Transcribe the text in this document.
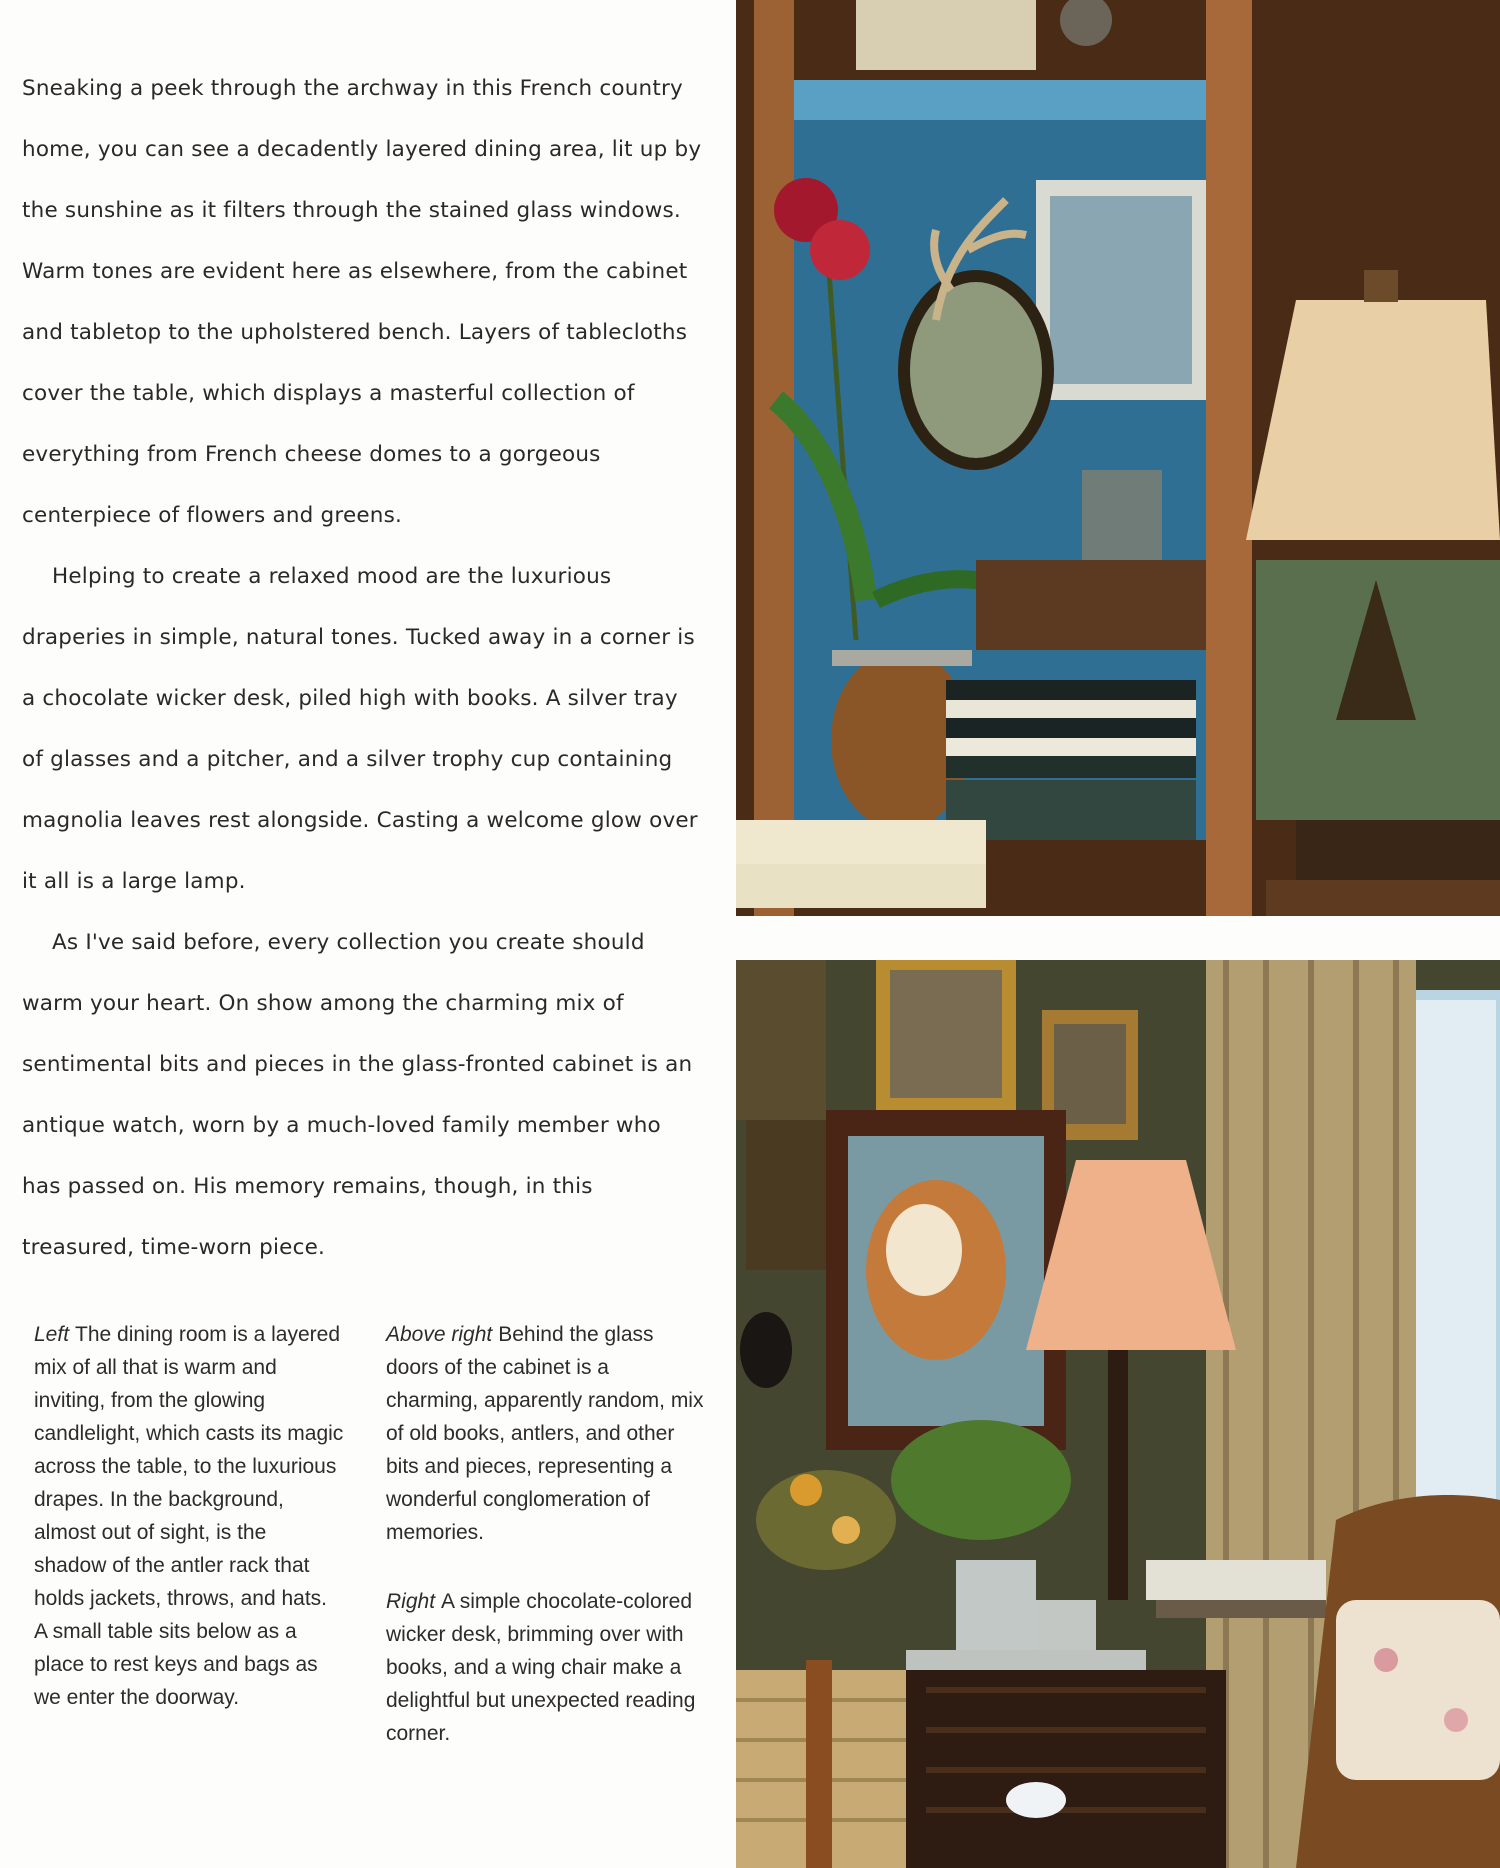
Sneaking a peek through the archway in this French country home, you can see a decadently layered dining area, lit up by the sunshine as it filters through the stained glass windows. Warm tones are evident here as elsewhere, from the cabinet and tabletop to the upholstered bench. Layers of tablecloths cover the table, which displays a masterful collection of everything from French cheese domes to a gorgeous centerpiece of flowers and greens.

Helping to create a relaxed mood are the luxurious draperies in simple, natural tones. Tucked away in a corner is a chocolate wicker desk, piled high with books. A silver tray of glasses and a pitcher, and a silver trophy cup containing magnolia leaves rest alongside. Casting a welcome glow over it all is a large lamp.

As I've said before, every collection you create should warm your heart. On show among the charming mix of sentimental bits and pieces in the glass-fronted cabinet is an antique watch, worn by a much-loved family member who has passed on. His memory remains, though, in this treasured, time-worn piece.

Left The dining room is a layered mix of all that is warm and inviting, from the glowing candlelight, which casts its magic across the table, to the luxurious drapes. In the background, almost out of sight, is the shadow of the antler rack that holds jackets, throws, and hats. A small table sits below as a place to rest keys and bags as we enter the doorway.
Above right Behind the glass doors of the cabinet is a charming, apparently random, mix of old books, antlers, and other bits and pieces, representing a wonderful conglomeration of memories.
Right A simple chocolate-colored wicker desk, brimming over with books, and a wing chair make a delightful but unexpected reading corner.
